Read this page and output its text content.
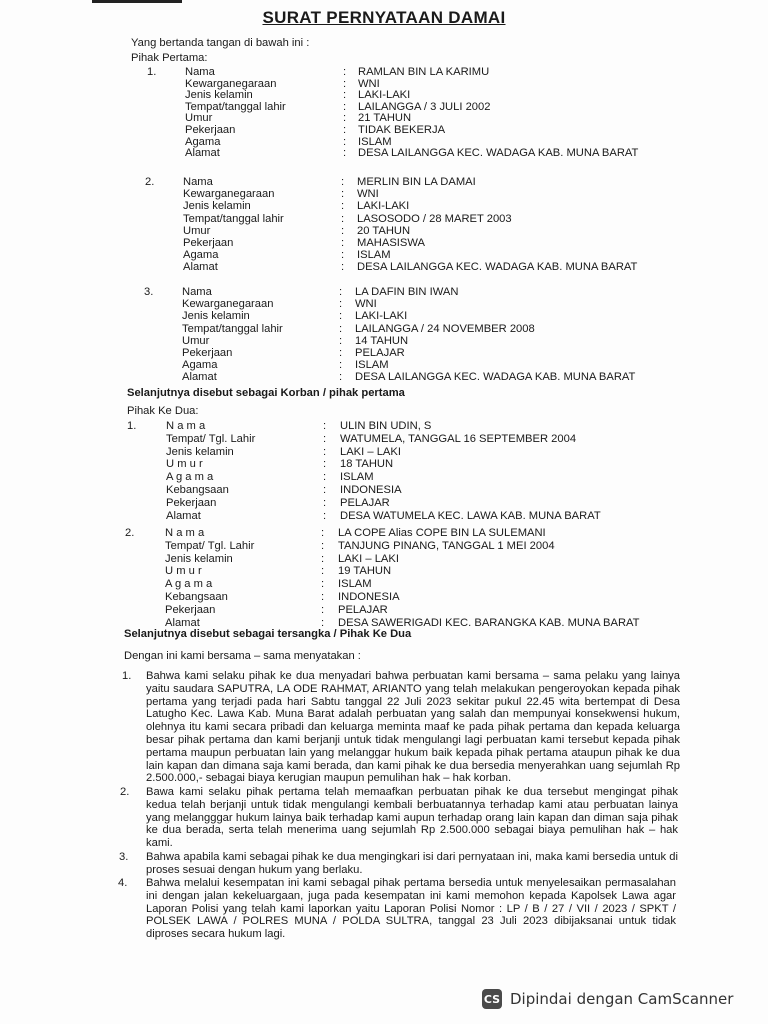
SURAT PERNYATAAN DAMAI
Yang bertanda tangan di bawah ini :
Pihak Pertama:
1.	Nama	: RAMLAN BIN LA KARIMU
Kewarganegaraan	: WNI
Jenis kelamin	: LAKI-LAKI
Tempat/tanggal lahir	: LAILANGGA / 3 JULI 2002
Umur	: 21 TAHUN
Pekerjaan	: TIDAK BEKERJA
Agama	: ISLAM
Alamat	: DESA LAILANGGA KEC. WADAGA KAB. MUNA BARAT
2.	Nama	: MERLIN BIN LA DAMAI
Kewarganegaraan	: WNI
Jenis kelamin	: LAKI-LAKI
Tempat/tanggal lahir	: LASOSODO / 28 MARET 2003
Umur	: 20 TAHUN
Pekerjaan	: MAHASISWA
Agama	: ISLAM
Alamat	: DESA LAILANGGA KEC. WADAGA KAB. MUNA BARAT
3.	Nama	: LA DAFIN BIN IWAN
Kewarganegaraan	: WNI
Jenis kelamin	: LAKI-LAKI
Tempat/tanggal lahir	: LAILANGGA / 24 NOVEMBER 2008
Umur	: 14 TAHUN
Pekerjaan	: PELAJAR
Agama	: ISLAM
Alamat	: DESA LAILANGGA KEC. WADAGA KAB. MUNA BARAT
Selanjutnya disebut sebagai Korban / pihak pertama
Pihak Ke Dua:
1.	N a m a	: ULIN BIN UDIN, S
Tempat/ Tgl. Lahir	: WATUMELA, TANGGAL 16 SEPTEMBER 2004
Jenis kelamin	: LAKI – LAKI
U m u r	: 18 TAHUN
A g a m a	: ISLAM
Kebangsaan	: INDONESIA
Pekerjaan	: PELAJAR
Alamat	: DESA WATUMELA KEC. LAWA KAB. MUNA BARAT
2.	N a m a	: LA COPE Alias COPE BIN LA SULEMANI
Tempat/ Tgl. Lahir	: TANJUNG PINANG, TANGGAL 1 MEI 2004
Jenis kelamin	: LAKI – LAKI
U m u r	: 19 TAHUN
A g a m a	: ISLAM
Kebangsaan	: INDONESIA
Pekerjaan	: PELAJAR
Alamat	: DESA SAWERIGADI KEC. BARANGKA KAB. MUNA BARAT
Selanjutnya disebut sebagai tersangka / Pihak Ke Dua
Dengan ini kami bersama – sama menyatakan :
1. Bahwa kami selaku pihak ke dua menyadari bahwa perbuatan kami bersama – sama pelaku yang lainya yaitu saudara SAPUTRA, LA ODE RAHMAT, ARIANTO yang telah melakukan pengeroyokan kepada pihak pertama yang terjadi pada hari Sabtu tanggal 22 Juli 2023 sekitar pukul 22.45 wita bertempat di Desa Latugho Kec. Lawa Kab. Muna Barat adalah perbuatan yang salah dan mempunyai konsekwensi hukum, olehnya itu kami secara pribadi dan keluarga meminta maaf ke pada pihak pertama dan kepada keluarga besar pihak pertama dan kami berjanji untuk tidak mengulangi lagi perbuatan kami tersebut kepada pihak pertama maupun perbuatan lain yang melanggar hukum baik kepada pihak pertama ataupun pihak ke dua lain kapan dan dimana saja kami berada, dan kami pihak ke dua bersedia menyerahkan uang sejumlah Rp 2.500.000,- sebagai biaya kerugian maupun pemulihan hak – hak korban.
2. Bawa kami selaku pihak pertama telah memaafkan perbuatan pihak ke dua tersebut mengingat pihak kedua telah berjanji untuk tidak mengulangi kembali berbuatannya terhadap kami atau perbuatan lainya yang melangggar hukum lainya baik terhadap kami aupun terhadap orang lain kapan dan diman saja pihak ke dua berada, serta telah menerima uang sejumlah Rp 2.500.000 sebagai biaya pemulihan hak – hak kami.
3. Bahwa apabila kami sebagai pihak ke dua mengingkari isi dari pernyataan ini, maka kami bersedia untuk di proses sesuai dengan hukum yang berlaku.
4. Bahwa melalui kesempatan ini kami sebagal pihak pertama bersedia untuk menyelesaikan permasalahan ini dengan jalan kekeluargaan, juga pada kesempatan ini kami memohon kepada Kapolsek Lawa agar Laporan Polisi yang telah kami laporkan yaitu Laporan Polisi Nomor : LP / B / 27 / VII / 2023 / SPKT / POLSEK LAWA / POLRES MUNA / POLDA SULTRA, tanggal 23 Juli 2023 dibijaksanai untuk tidak diproses secara hukum lagi.
CS Dipindai dengan CamScanner
